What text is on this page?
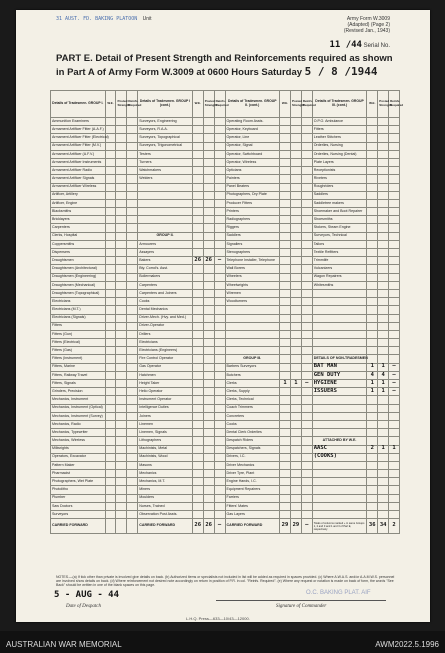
31 AUST. FD. BAKING PLATOON Unit	Army Form W.3009
(Adapted) (Page 2)
(Revised Jan., 1943)
11 /44 Serial No.
PART E. Detail of Present Strength and Reinforcements required as shown in Part A of Army Form W.3009 at 0600 Hours Saturday 5 / 8 /1944
Details of Tradesmen. GROUP I.	W.E.	Posted Strength	Reinfs. Required	Details of Tradesmen. GROUP I (cont.)	W.E.	Posted Strength	Reinfs. Required	Details of Tradesmen. GROUP II. (cont.)	W.E.	Posted Strength	Reinfs. Required	Details of Tradesmen. GROUP III. (cont.)	W.E.	Posted Strength	Reinfs. Required
Ammunition Examiners				Surveyors, Engineering				Operating Room Assts.				O.P.O. Ambulance			
Armament Artificer Fitter (A.A.F.)				Surveyors, R.A.A.				Operator, Keyboard				Fitters			
Armament Artificer Fitter (Electrical)				Surveyors, Topographical				Operator, Line				Leather Stitchers			
Armament Artificer Fitter (M.V.)				Surveyors, Trigonometrical				Operator, Signal				Orderlies, Nursing			
Armament Artificer (A.F.V.)				Testers				Operator, Switchboard				Orderlies, Nursing (Dental)			
Armament Artificer Instruments				Turners				Operator, Wireless				Plate Layers			
Armament Artificer Radio				Watchmakers				Opticians				Receptionists			
Armament Artificer Signals				Welders				Painters				Riveters			
Armament Artificer Wireless								Panel Beaters				Roughriders			
Artificer, Artillery								Photographers, Dry Plate				Saddlers			
Artificer, Engine								Producer Fitters				Saddletree makers			
Blacksmiths								Printers				Shoemaker and Boot Repairer			
Bricklayers								Radiographers				Shoesmiths			
Carpenters								Riggers				Stokers, Steam Engine			
Clerks, Hospital				GROUP II.				Saddlers				Surveyors, Technical			
Coppersmiths				Armourers				Signallers				Tailors			
Dispensers				Assayers				Stenographers				Textile Refitters			
Draughtsmen				Bakers	26	26	—	Telephone Installer, Telephone				Trimmlife			
Draughtsmen (Architectural)				Bty. Comd's. Asst.				Wall Borers				Vulcanizers			
Draughtsmen (Engineering)				Boilermakers				Wheelers				Wagon Repairers			
Draughtsmen (Mechanical)				Carpenters				Wheelwrights				Whitesmiths			
Draughtsmen (Topographical)				Carpenters and Joiners				Wiremen							
Electricians				Cooks				Woodturners							
Electricians (M.T.)				Dental Mechanics											
Electricians (Signals)				Driver-Mech. (Hvy. and Med.)											
Fitters				Driver-Operator											
Fitters (Gun)				Drillers											
Fitters (Electrical)				Electricians											
Fitters (Gas)				Electricians (Engineers)											
Fitters (Instrument)				Fire Control Operator				GROUP III.				DETAILS OF NON-TRADESMEN			
Fitters, Marine				Gas Operator				Barbers Surveyors				BAT MAN	1	1	—
Fitters, Railway Travel				Hatchmen				Butchers				GEN DUTY	4	4	—
Fitters, Signals				Height Taker				Clerks	1	1	—	HYGIENE	1	1	—
Grinders, Precision				Helio Operator				Clerks, Supply				ISSUERS	1	1	—
Mechanics, Instrument				Instrument Operator				Clerks, Technical							
Mechanics, Instrument (Optical)				Intelligence Duties				Coach Trimmers							
Mechanics, Instrument (Survey)				Joiners				Concreters							
Mechanics, Radio				Linemen				Cooks							
Mechanics, Typewriter				Linemen, Signals				Dental Clerk Orderlies							
Mechanics, Wireless				Lithographers				Despatch Riders				ATTACHED BY W.E.			
Millwrights				Machinists, Metal				Despatchers, Signals				AASC	2	1	1
Operators, Excavator				Machinists, Wood				Drivers, I.C.				(COOKS)			
Pattern Maker				Masons				Driver Mechanics							
Pharmacist				Mechanics				Driver Tyre, Plant							
Photographers, Wet Plate				Mechanics, M.T.				Engine Hands, I.C.							
Photolitho				Miners				Equipment Repairers							
Plumber				Moulders				Farriers							
Saw Doctors				Nurses, Trained				Fitters' Mates							
Surveyors				Observation Post Assts.				Gas Layers							
CARRIED FORWARD				CARRIED FORWARD	26	26	—	CARRIED FORWARD	29	29	—	Totals of columns marked + in same Groups 1, 2 and 3 and 1 and 3 of Part E, respectively	36	34	2
NOTES.—(a) If tick other than private is involved give details on back. (b) Authorized items or specialists not included in list will be added as required in spaces provided. (c) Where A.W.A.S. and/or A.A.M.W.S. personnel are involved show details on back. (d) Where reinforcement not desired note accordingly on return in position of P.R. in col. "Reinfs. Required". (e) Where any request or notation is made on back of form, the words "See Back" should be written in one of the blank spaces on this page.
5 - AUG - 44
Date of Despatch
O.C. BAKING PLAT. AIF
Signature of Commander
L.H.Q. Press—633—10/43—12000.
AUSTRALIAN WAR MEMORIAL	AWM2022.5.1996
